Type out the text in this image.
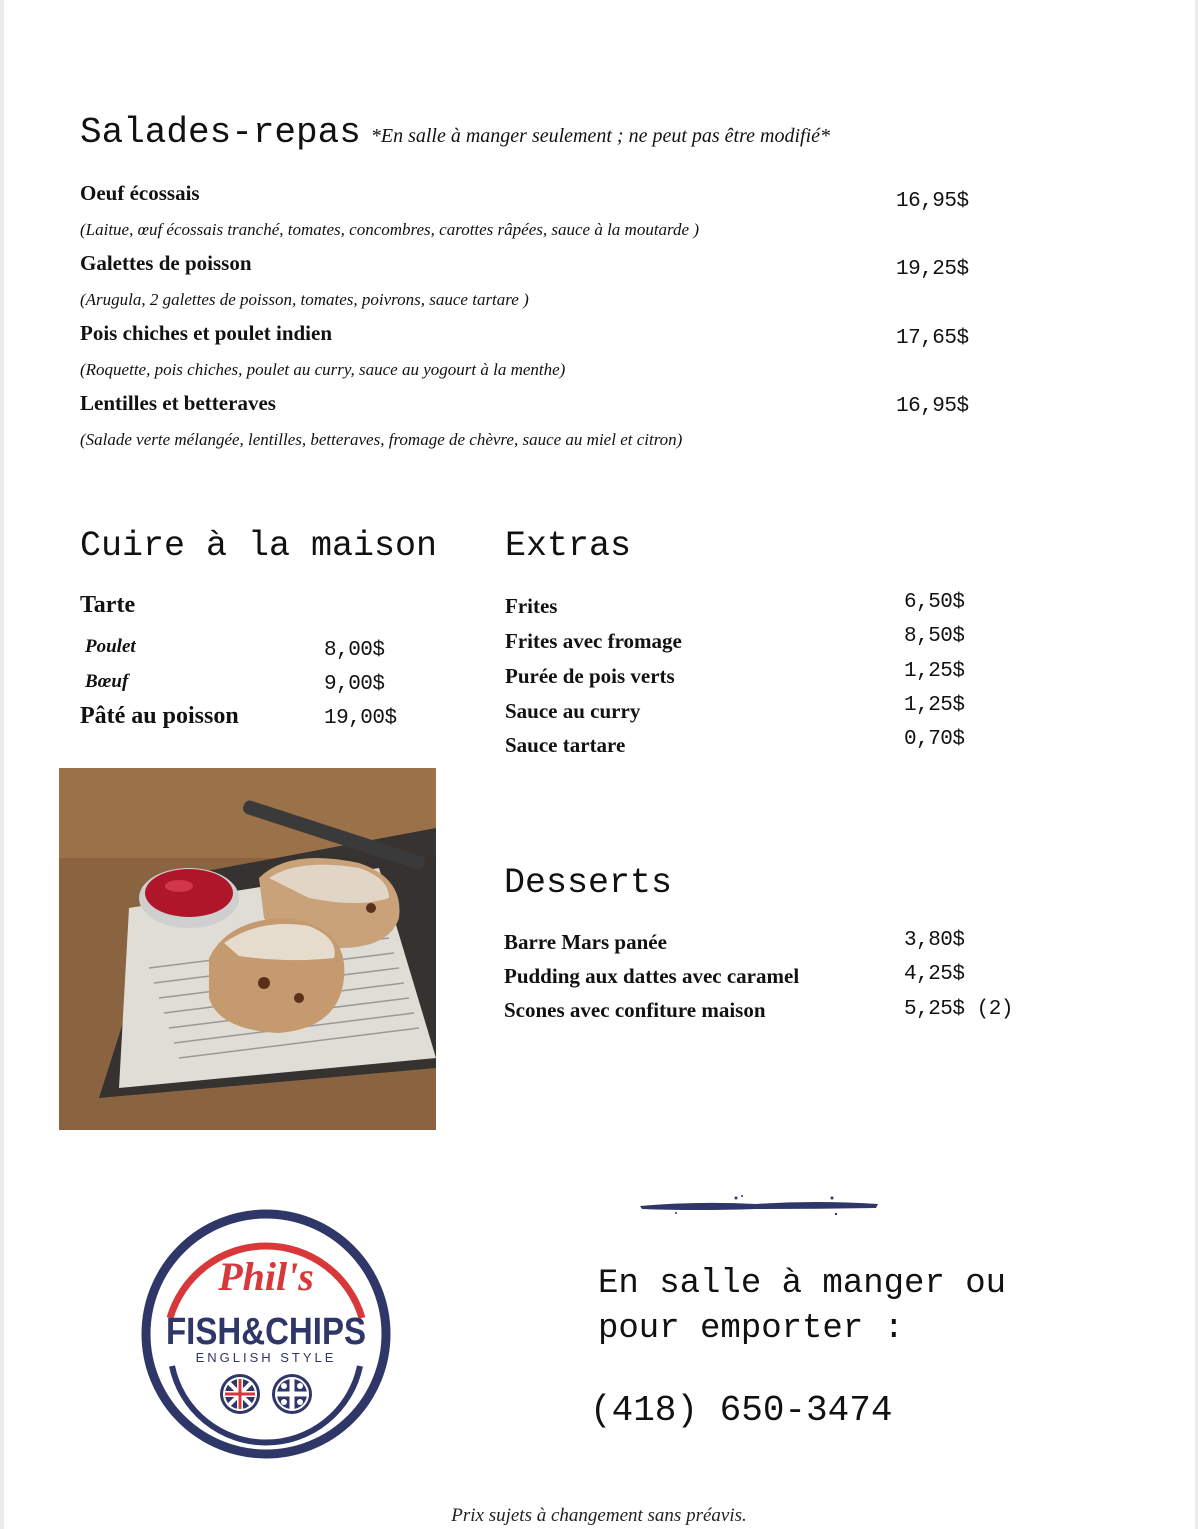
Salades-repas *En salle à manger seulement ; ne peut pas être modifié*
Oeuf écossais	16,95$
(Laitue, œuf écossais tranché, tomates, concombres, carottes râpées, sauce à la moutarde )
Galettes de poisson	19,25$
(Arugula, 2 galettes de poisson, tomates, poivrons, sauce tartare )
Pois chiches et poulet indien	17,65$
(Roquette, pois chiches, poulet au curry, sauce au yogourt à la menthe)
Lentilles et betteraves	16,95$
(Salade verte mélangée, lentilles, betteraves, fromage de chèvre, sauce au miel et citron)
Cuire à la maison
Tarte
Poulet	8,00$
Bœuf	9,00$
Pâté au poisson	19,00$
Extras
Frites	6,50$
Frites avec fromage	8,50$
Purée de pois verts	1,25$
Sauce au curry	1,25$
Sauce tartare	0,70$
Desserts
Barre Mars panée	3,80$
Pudding aux dattes avec caramel	4,25$
Scones avec confiture maison	5,25$ (2)
Phil's
FISH&CHIPS
ENGLISH STYLE
En salle à manger ou pour emporter :
(418) 650-3474
Prix sujets à changement sans préavis.
